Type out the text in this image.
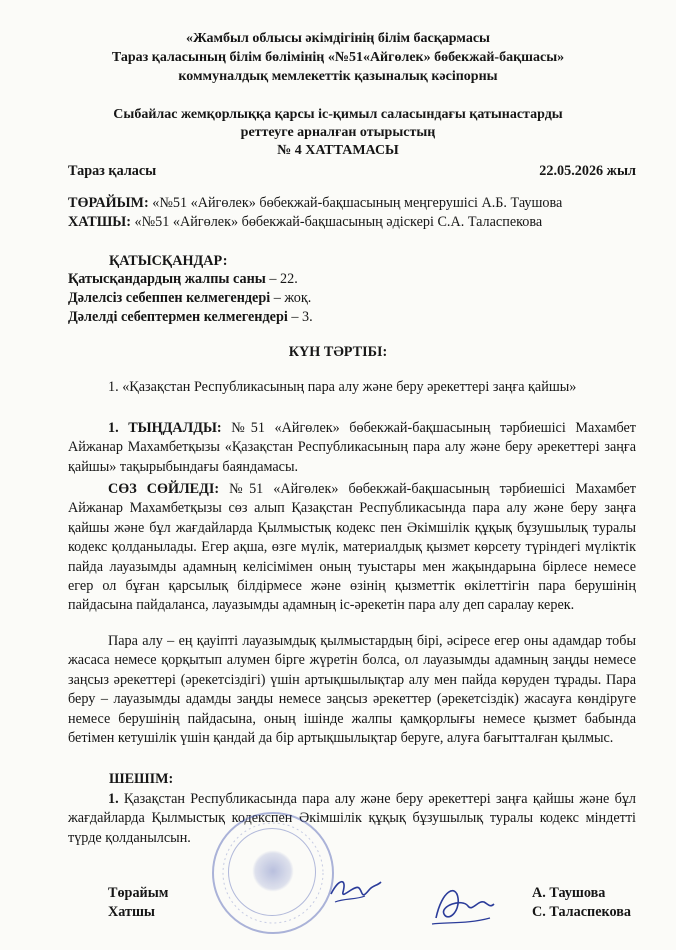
«Жамбыл облысы әкімдігінің білім басқармасы
Тараз қаласының білім бөлімінің «№51«Айгөлек» бөбекжай-бақшасы»
коммуналдық мемлекеттік қазыналық кәсіпорны
Сыбайлас жемқорлыққа қарсы іс-қимыл саласындағы қатынастарды
реттеуге арналған отырыстың
№ 4 ХАТТАМАСЫ
Тараз қаласы	22.05.2026 жыл
ТӨРАЙЫМ: «№51 «Айгөлек» бөбекжай-бақшасының меңгерушісі А.Б. Таушова
ХАТШЫ: «№51 «Айгөлек» бөбекжай-бақшасының әдіскері С.А. Таласпекова
ҚАТЫСҚАНДАР:
Қатысқандардың жалпы саны – 22.
Дәлелсіз себеппен келмегендері – жоқ.
Дәлелді себептермен келмегендері – 3.
КҮН ТӘРТІБІ:
1. «Қазақстан Республикасының пара алу және беру әрекеттері заңға қайшы»
1. ТЫҢДАЛДЫ: №51 «Айгөлек» бөбекжай-бақшасының тәрбиешісі Махамбет Айжанар Махамбетқызы «Қазақстан Республикасының пара алу және беру әрекеттері заңға қайшы» тақырыбындағы баяндамасы.
СӨЗ СӨЙЛЕДІ: №51 «Айгөлек» бөбекжай-бақшасының тәрбиешісі Махамбет Айжанар Махамбетқызы сөз алып Қазақстан Республикасында пара алу және беру заңға қайшы және бұл жағдайларда Қылмыстық кодекс пен Әкімшілік құқық бұзушылық туралы кодекс қолданылады. Егер ақша, өзге мүлік, материалдық қызмет көрсету түріндегі мүліктік пайда лауазымды адамның келісімімен оның туыстары мен жақындарына бірлесе немесе егер ол бұған қарсылық білдірмесе және өзінің қызметтік өкілеттігін пара берушінің пайдасына пайдаланса, лауазымды адамның іс-әрекетін пара алу деп саралау керек.
Пара алу – ең қауіпті лауазымдық қылмыстардың бірі, әсіресе егер оны адамдар тобы жасаса немесе қорқытып алумен бірге жүретін болса, ол лауазымды адамның заңды немесе заңсыз әрекеттері (әрекетсіздігі) үшін артықшылықтар алу мен пайда көруден тұрады. Пара беру – лауазымды адамды заңды немесе заңсыз әрекеттер (әрекетсіздік) жасауға көндіруге немесе берушінің пайдасына, оның ішінде жалпы қамқорлығы немесе қызмет бабында бетімен кетушілік үшін қандай да бір артықшылықтар беруге, алуға бағытталған қылмыс.
ШЕШІМ:
1. Қазақстан Республикасында пара алу және беру әрекеттері заңға қайшы және бұл жағдайларда Қылмыстық кодекспен Әкімшілік құқық бұзушылық туралы кодекс міндетті түрде қолданылсын.
Төрайым
Хатшы
А. Таушова
С. Таласпекова
